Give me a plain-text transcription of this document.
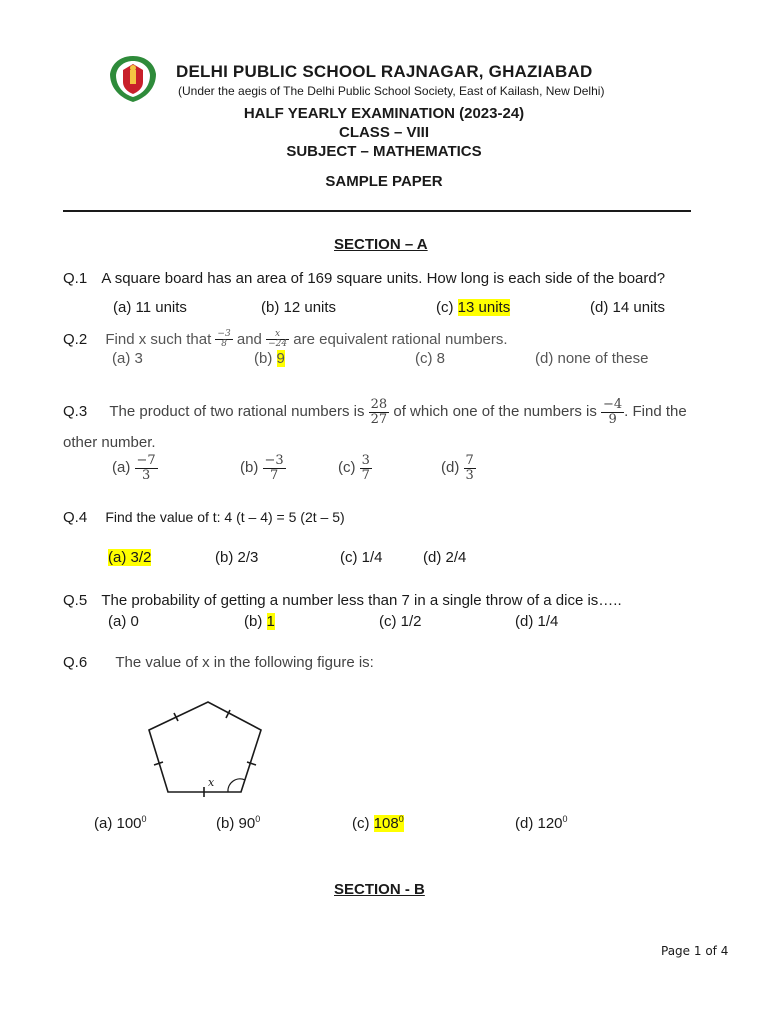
DELHI PUBLIC SCHOOL RAJNAGAR, GHAZIABAD
(Under the aegis of The Delhi Public School Society, East of Kailash, New Delhi)
HALF YEARLY EXAMINATION (2023-24)
CLASS – VIII
SUBJECT – MATHEMATICS
SAMPLE PAPER
SECTION – A
Q.1 A square board has an area of 169 square units. How long is each side of the board?
(a) 11 units	(b) 12 units	(c) 13 units	(d) 14 units
Q.2 Find x such that $\frac{-3}{8}$ and $\frac{x}{-24}$ are equivalent rational numbers.
(a) 3	(b) 9	(c) 8	(d) none of these
Q.3 The product of two rational numbers is $\frac{28}{27}$ of which one of the numbers is $\frac{-4}{9}$ . Find the
other number.
$(a) \frac{-7}{3}$	$(b) \frac{-3}{7}$	$(c) \frac{3}{7}$	$(d) \frac{7}{3}$
Q.4 Find the value of t: 4 (t – 4) = 5 (2t – 5)
(a) 3/2	(b) 2/3	(c) 1/4	(d) 2/4
Q.5 The probability of getting a number less than 7 in a single throw of a dice is…..
(a) 0	(b) 1	(c) 1/2	(d) 1/4
Q.6 The value of x in the following figure is:
x
(a) $100^0$	(b) $90^0$	(c) $108^0$	(d) $120^0$
SECTION - B
Page 1 of 4
